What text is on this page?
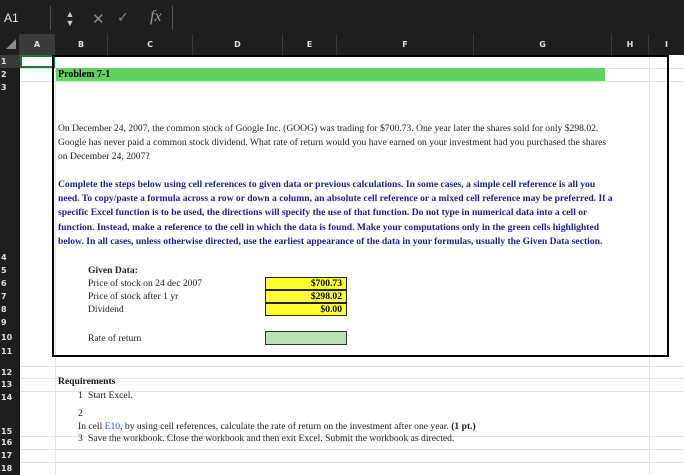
A1	▲
▼ ✕ ✓ fx
A	B	C	D	E	F	G	H	I
1
2
3
4
5
6
7
8
9
10
11
12
13
14
15
16
17
18
Problem 7-1
On December 24, 2007, the common stock of Google Inc. (GOOG) was trading for $700.73. One year later the shares sold for only $298.02. Google has never paid a common stock dividend. What rate of return would you have earned on your investment had you purchased the shares on December 24, 2007?
Complete the steps below using cell references to given data or previous calculations. In some cases, a simple cell reference is all you need. To copy/paste a formula across a row or down a column, an absolute cell reference or a mixed cell reference may be preferred. If a specific Excel function is to be used, the directions will specify the use of that function. Do not type in numerical data into a cell or function. Instead, make a reference to the cell in which the data is found. Make your computations only in the green cells highlighted below. In all cases, unless otherwise directed, use the earliest appearance of the data in your formulas, usually the Given Data section.
Given Data:
Price of stock on 24 dec 2007	$700.73
Price of stock after 1 yr	$298.02
Dividend	$0.00
Rate of return
Requirements
1 Start Excel.
2
In cell E10, by using cell references, calculate the rate of return on the investment after one year. (1 pt.)
3 Save the workbook. Close the workbook and then exit Excel. Submit the workbook as directed.
